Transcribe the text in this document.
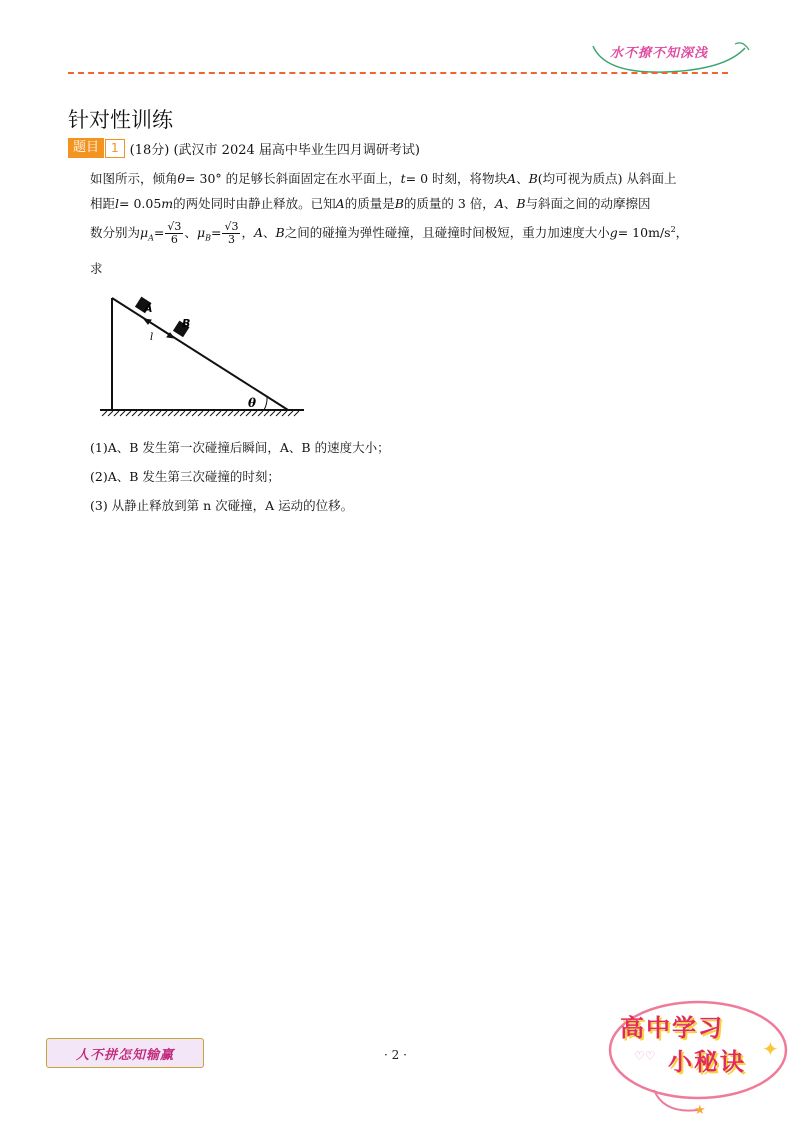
水不撩不知深浅
针对性训练
题目	1 (18分) (武汉市 2024 届高中毕业生四月调研考试)
如图所示，倾角θ= 30° 的足够长斜面固定在水平面上，t= 0 时刻，将物块A、B(均可视为质点) 从斜面上
相距l= 0.05m的两处同时由静止释放。已知A的质量是B的质量的 3 倍，A、B与斜面之间的动摩擦因
数分别为$\mu_A= \frac{√3}{6}$ 、$\mu_B= \frac{√3}{3}$ ，A、B之间的碰撞为弹性碰撞，且碰撞时间极短，重力加速度大小$g= 10m/s^2$，
求
A
B
l
θ
(1)A、B 发生第一次碰撞后瞬间，A、B 的速度大小；
(2)A、B 发生第三次碰撞的时刻；
(3) 从静止释放到第 n 次碰撞，A 运动的位移。
人不拼怎知输赢	· 2 ·	✦
♡♡
★
高中学习
小秘诀
